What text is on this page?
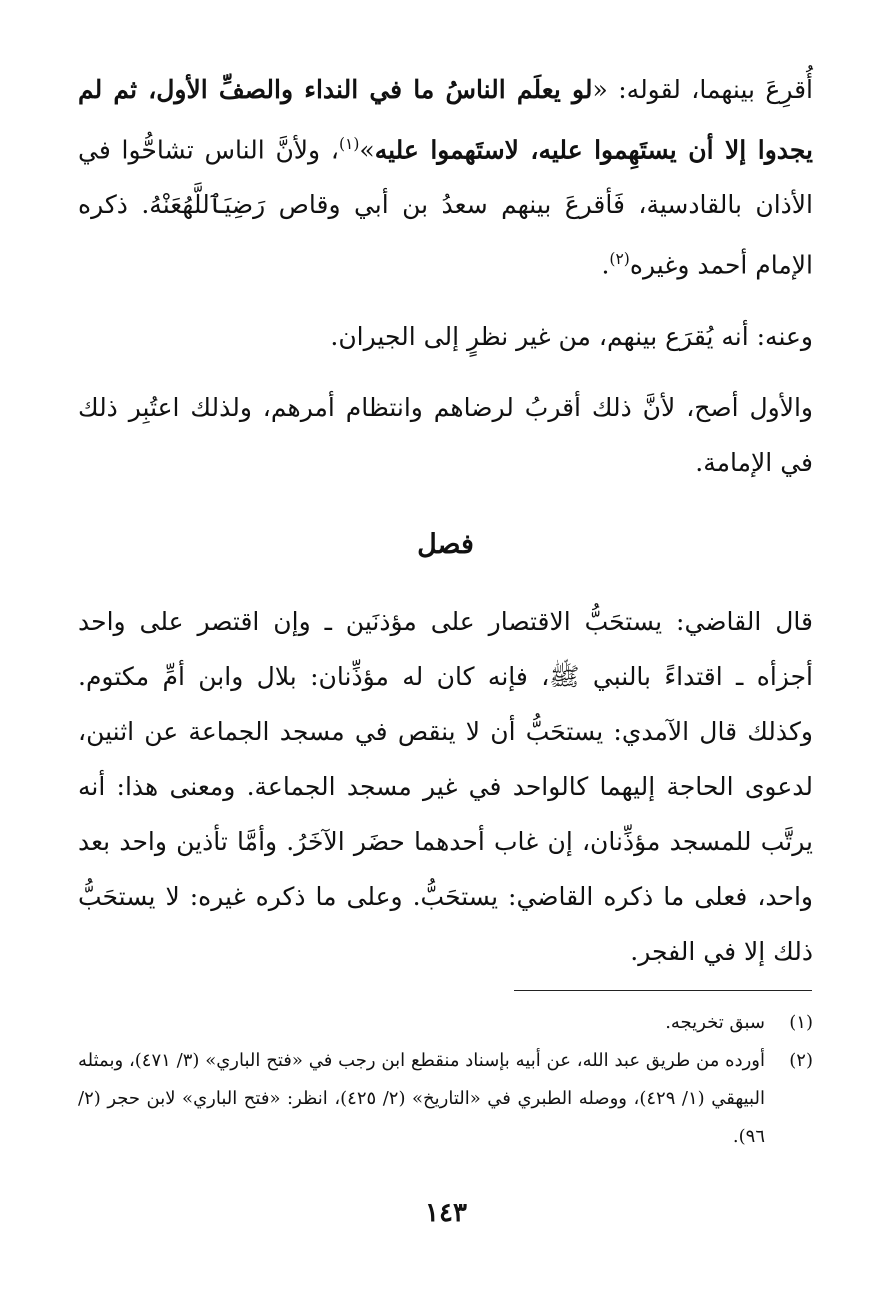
أُقرِعَ بينهما، لقوله: «لو يعلَم الناسُ ما في النداء والصفِّ الأول، ثم لم يجدوا إلا أن يستَهِموا عليه، لاستَهموا عليه»$^{(١)}$، ولأنَّ الناس تشاحُّوا في الأذان بالقادسية، فَأقرعَ بينهم سعدُ بن أبي وقاص رَضِيَٱللَّهُعَنْهُ. ذكره الإمام أحمد وغيره$^{(٢)}$.

وعنه: أنه يُقرَع بينهم، من غير نظرٍ إلى الجيران.

والأول أصح، لأنَّ ذلك أقربُ لرضاهم وانتظام أمرهم، ولذلك اعتُبِر ذلك في الإمامة.

فصل

قال القاضي: يستحَبُّ الاقتصار على مؤذنَين ـ وإن اقتصر على واحد أجزأه ـ اقتداءً بالنبي ﷺ، فإنه كان له مؤذِّنان: بلال وابن أمِّ مكتوم. وكذلك قال الآمدي: يستحَبُّ أن لا ينقص في مسجد الجماعة عن اثنين، لدعوى الحاجة إليهما كالواحد في غير مسجد الجماعة. ومعنى هذا: أنه يرتَّب للمسجد مؤذِّنان، إن غاب أحدهما حضَر الآخَرُ. وأمَّا تأذين واحد بعد واحد، فعلى ما ذكره القاضي: يستحَبُّ. وعلى ما ذكره غيره: لا يستحَبُّ ذلك إلا في الفجر.

(١)
سبق تخريجه.
(٢)
أورده من طريق عبد الله، عن أبيه بإسناد منقطع ابن رجب في «فتح الباري» (٣/ ٤٧١)، وبمثله البيهقي (١/ ٤٢٩)، ووصله الطبري في «التاريخ» (٢/ ٤٢٥)، انظر: «فتح الباري» لابن حجر (٢/ ٩٦).
١٤٣
